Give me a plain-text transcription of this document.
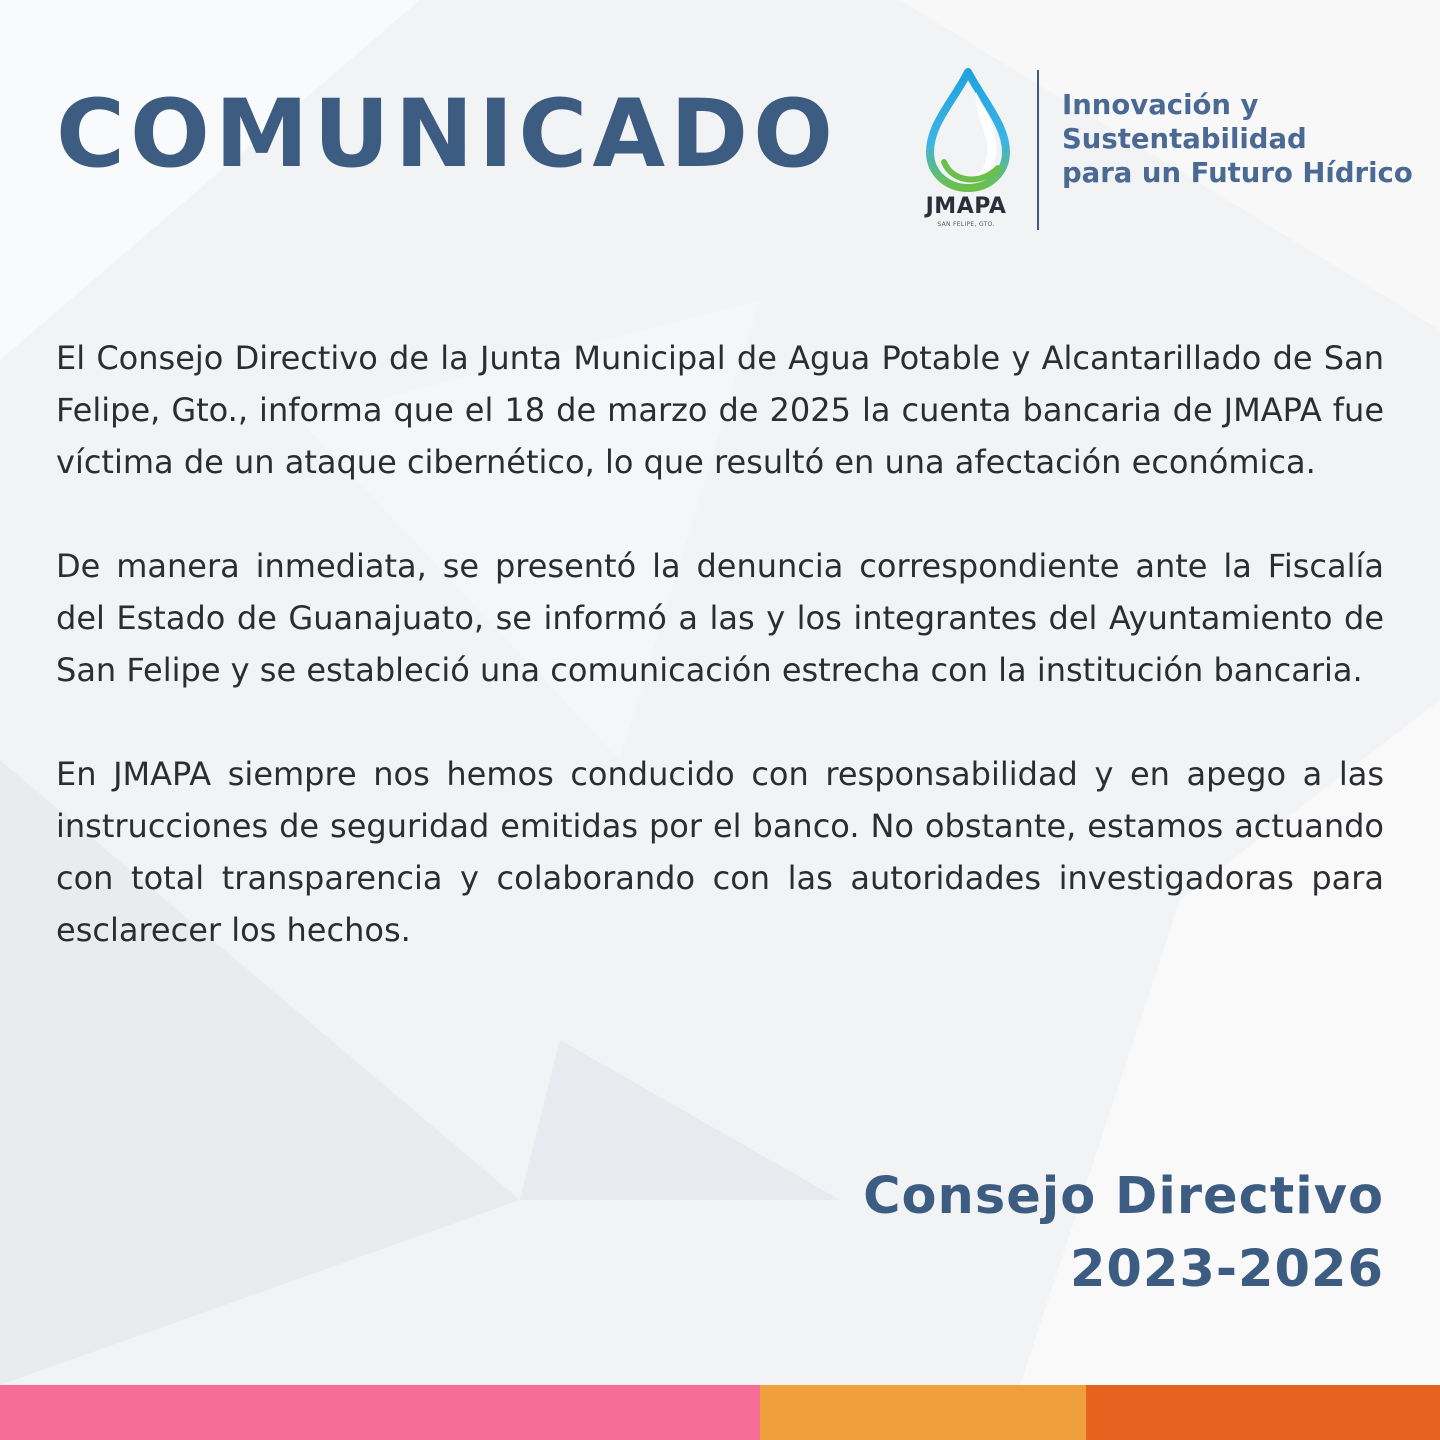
COMUNICADO
JMAPA
SAN FELIPE, GTO.

Innovación y
Sustentabilidad
para un Futuro Hídrico

El Consejo Directivo de la Junta Municipal de Agua Potable y Alcantarillado de San Felipe, Gto., informa que el 18 de marzo de 2025 la cuenta bancaria de JMAPA fue víctima de un ataque cibernético, lo que resultó en una afectación económica.

De manera inmediata, se presentó la denuncia correspondiente ante la Fiscalía del Estado de Guanajuato, se informó a las y los integrantes del Ayuntamiento de San Felipe y se estableció una comunicación estrecha con la institución bancaria.

En JMAPA siempre nos hemos conducido con responsabilidad y en apego a las instrucciones de seguridad emitidas por el banco. No obstante, estamos actuando con total transparencia y colaborando con las autoridades investigadoras para esclarecer los hechos.

Consejo Directivo
2023-2026
